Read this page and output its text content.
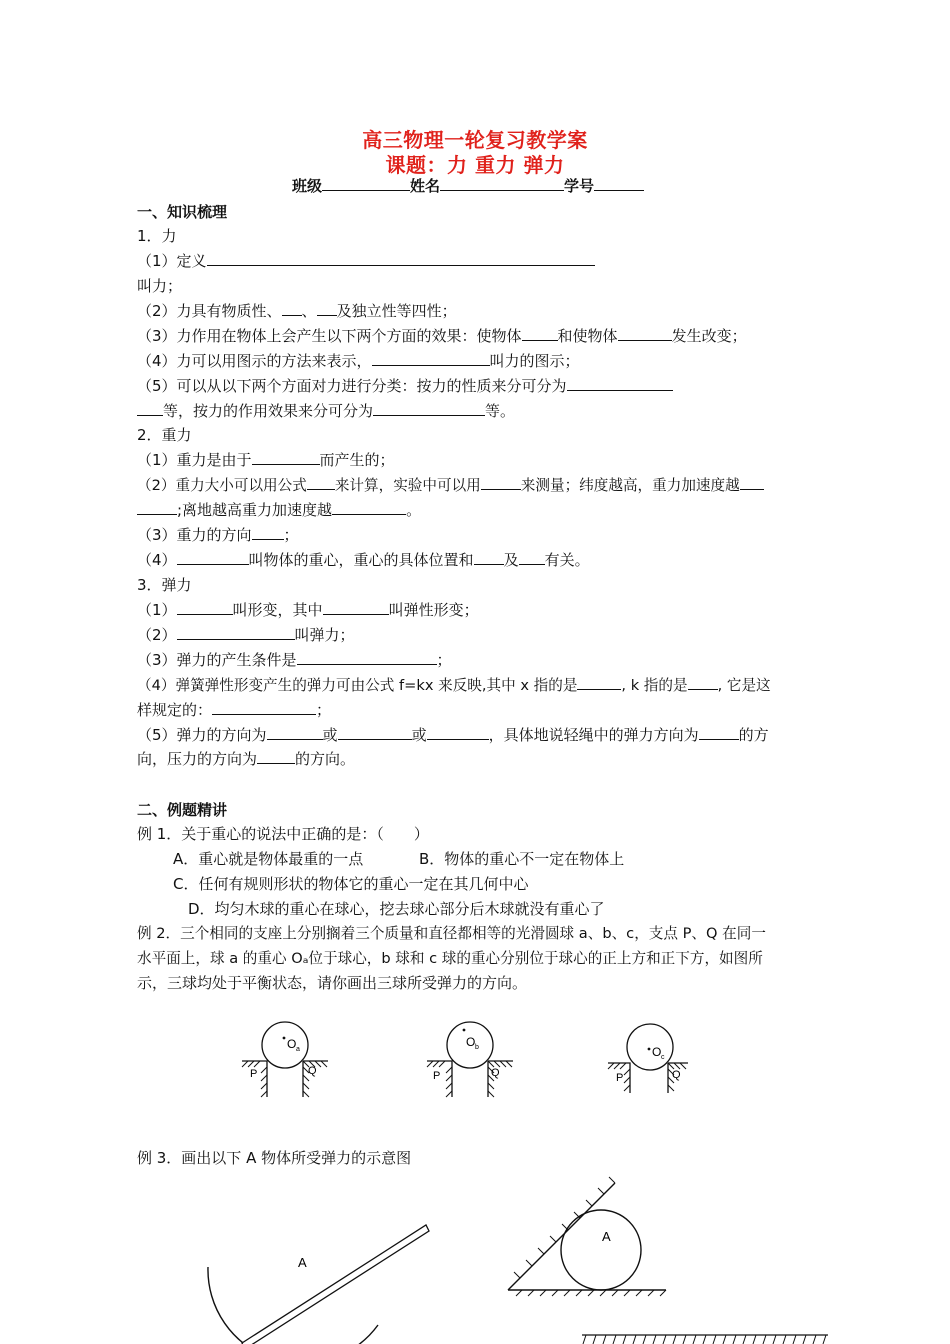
高三物理一轮复习教学案
课题：力 重力 弹力
班级	姓名	学号
一、知识梳理
1．力
（1）定义
叫力；
（2）力具有物质性、 、 及独立性等四性；
（3）力作用在物体上会产生以下两个方面的效果：使物体 和使物体	发生改变；
（4）力可以用图示的方法来表示，	叫力的图示；
（5）可以从以下两个方面对力进行分类：按力的性质来分可分为
等，按力的作用效果来分可分为	等。
2．重力
（1）重力是由于	而产生的；
（2）重力大小可以用公式 来计算，实验中可以用	来测量；纬度越高，重力加速度越
;离地越高重力加速度越	。
（3）重力的方向 ；
（4）	叫物体的重心，重心的具体位置和 及 有关。
3．弹力
（1）	叫形变，其中	叫弹性形变；
（2）	叫弹力；
（3）弹力的产生条件是	；
（4）弹簧弹性形变产生的弹力可由公式 f=kx 来反映,其中 x 指的是	, k 指的是 , 它是这
样规定的：	；
（5）弹力的方向为	或	或	，具体地说轻绳中的弹力方向为	的方
向，压力的方向为	的方向。
二、例题精讲
例 1．关于重心的说法中正确的是：（　　）
A．重心就是物体最重的一点	B．物体的重心不一定在物体上
C．任何有规则形状的物体它的重心一定在其几何中心
D．均匀木球的重心在球心，挖去球心部分后木球就没有重心了
例 2．三个相同的支座上分别搁着三个质量和直径都相等的光滑圆球 a、b、c，支点 P、Q 在同一
水平面上，球 a 的重心 Oₐ位于球心，b 球和 c 球的重心分别位于球心的正上方和正下方，如图所
示，三球均处于平衡状态，请你画出三球所受弹力的方向。
O a
P	Q
O b
P	Q
O c
P	Q
例 3．画出以下 A 物体所受弹力的示意图
A
A
